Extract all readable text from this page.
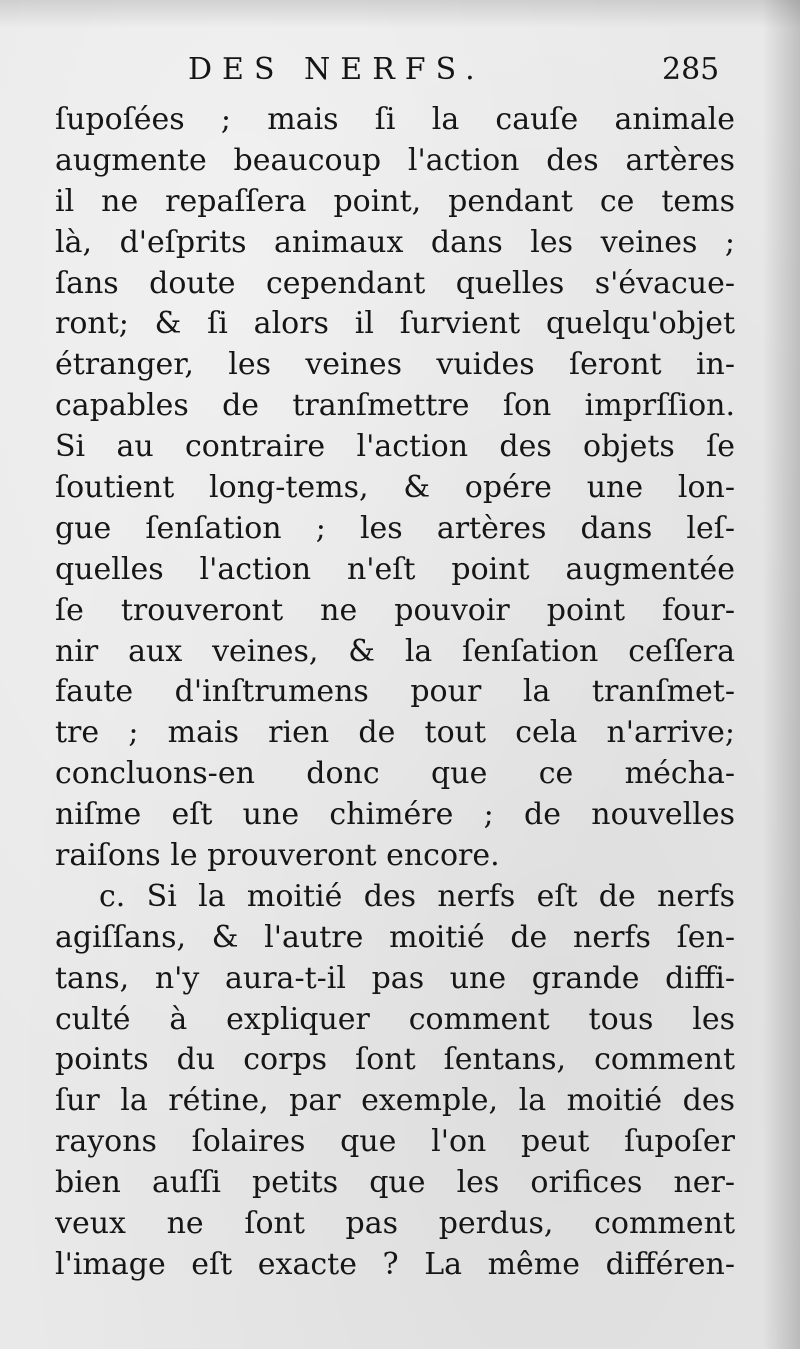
DES NERFS.	285
ſupoſées ; mais ſi la cauſe animale
augmente beaucoup l'action des artères
il ne repaſſera point, pendant ce tems
là, d'eſprits animaux dans les veines ;
ſans doute cependant quelles s'évacue-
ront; & ſi alors il ſurvient quelqu'objet
étranger, les veines vuides ſeront in-
capables de tranſmettre ſon imprſſion.
Si au contraire l'action des objets ſe
ſoutient long-tems, & opére une lon-
gue ſenſation ; les artères dans leſ-
quelles l'action n'eſt point augmentée
ſe trouveront ne pouvoir point four-
nir aux veines, & la ſenſation ceſſera
faute d'inſtrumens pour la tranſmet-
tre ; mais rien de tout cela n'arrive;
concluons-en donc que ce mécha-
niſme eſt une chimére ; de nouvelles
raiſons le prouveront encore.
c. Si la moitié des nerfs eſt de nerfs
agiſſans, & l'autre moitié de nerfs ſen-
tans, n'y aura-t-il pas une grande diffi-
culté à expliquer comment tous les
points du corps ſont ſentans, comment
ſur la rétine, par exemple, la moitié des
rayons ſolaires que l'on peut ſupoſer
bien auſſi petits que les orifices ner-
veux ne ſont pas perdus, comment
l'image eſt exacte ? La même différen-
